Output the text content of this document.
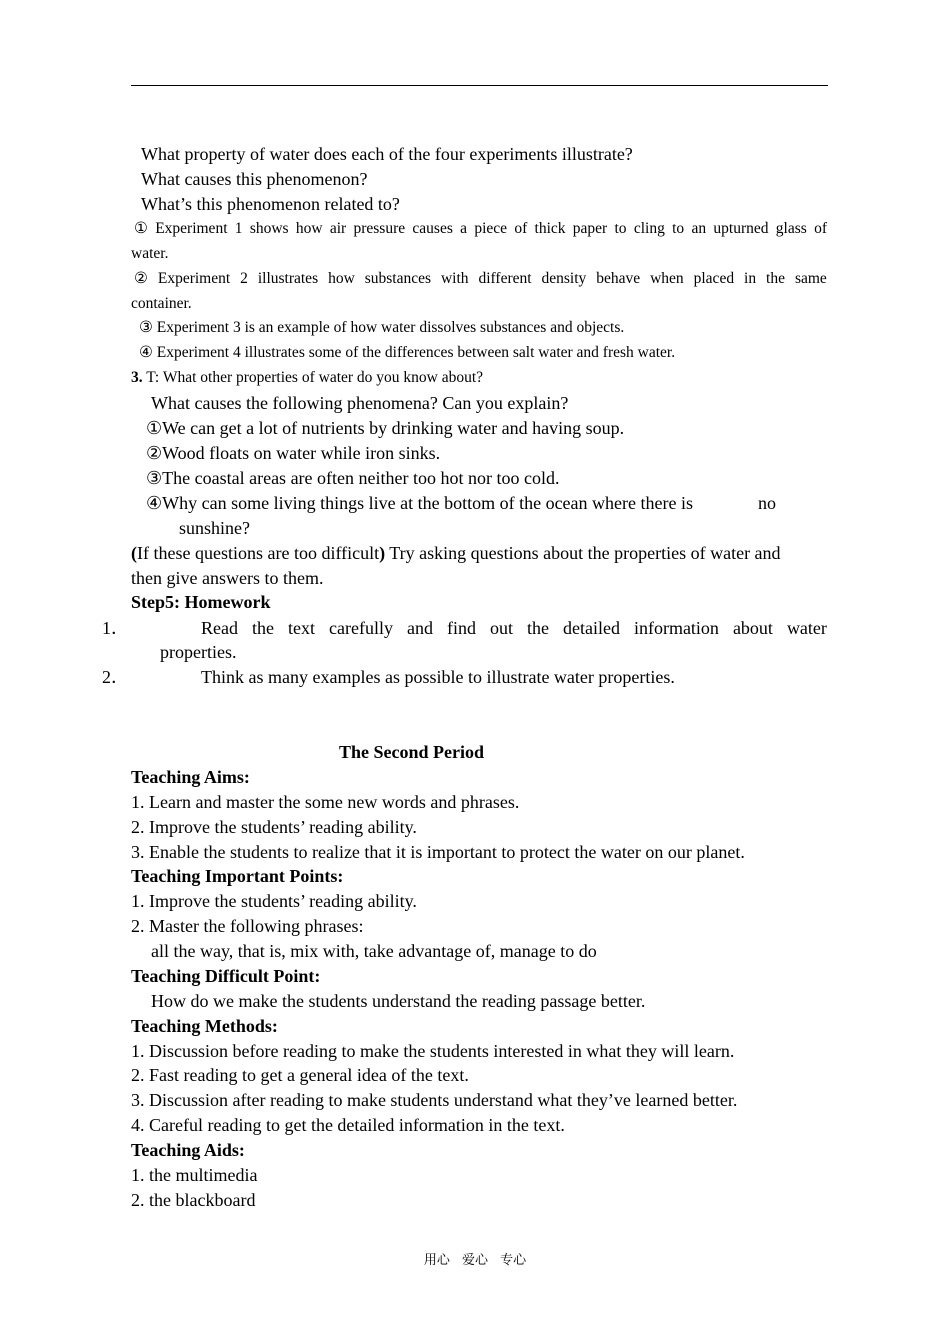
What property of water does each of the four experiments illustrate?
What causes this phenomenon?
What’s this phenomenon related to?
① Experiment 1 shows how air pressure causes a piece of thick paper to cling to an upturned glass of
water.
② Experiment 2 illustrates how substances with different density behave when placed in the same
container.
③ Experiment 3 is an example of how water dissolves substances and objects.
④ Experiment 4 illustrates some of the differences between salt water and fresh water.
3. T: What other properties of water do you know about?
What causes the following phenomena? Can you explain?
①We can get a lot of nutrients by drinking water and having soup.
②Wood floats on water while iron sinks.
③The coastal areas are often neither too hot nor too cold.
④Why can some living things live at the bottom of the ocean where there is	no
sunshine?
(If these questions are too difficult) Try asking questions about the properties of water and
then give answers to them.
Step5: Homework
1．	Read the text carefully and find out the detailed information about water
properties.
2．	Think as many examples as possible to illustrate water properties.
The Second Period
Teaching Aims:
1. Learn and master the some new words and phrases.
2. Improve the students’ reading ability.
3. Enable the students to realize that it is important to protect the water on our planet.
Teaching Important Points:
1. Improve the students’ reading ability.
2. Master the following phrases:
all the way, that is, mix with, take advantage of, manage to do
Teaching Difficult Point:
How do we make the students understand the reading passage better.
Teaching Methods:
1. Discussion before reading to make the students interested in what they will learn.
2. Fast reading to get a general idea of the text.
3. Discussion after reading to make students understand what they’ve learned better.
4. Careful reading to get the detailed information in the text.
Teaching Aids:
1. the multimedia
2. the blackboard
用心 爱心 专心
